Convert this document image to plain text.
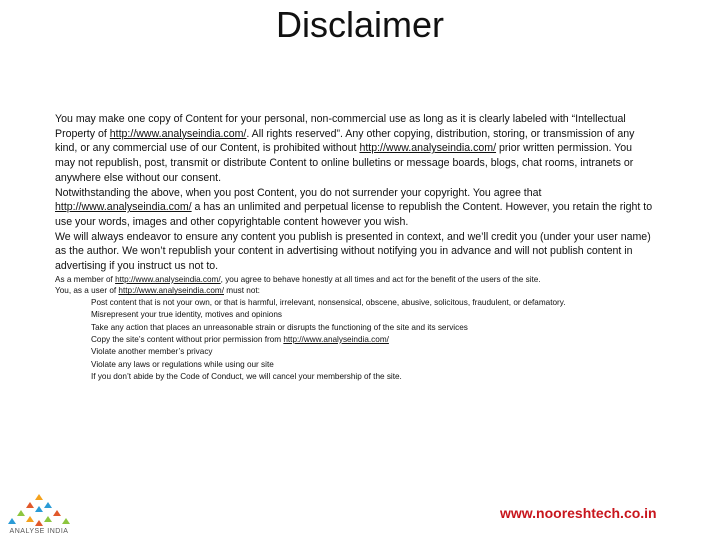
Disclaimer

You may make one copy of Content for your personal, non-commercial use as long as it is clearly labeled with “Intellectual Property of http://www.analyseindia.com/. All rights reserved”. Any other copying, distribution, storing, or transmission of any kind, or any commercial use of our Content, is prohibited without http://www.analyseindia.com/ prior written permission. You may not republish, post, transmit or distribute Content to online bulletins or message boards, blogs, chat rooms, intranets or anywhere else without our consent.

Notwithstanding the above, when you post Content, you do not surrender your copyright. You agree that http://www.analyseindia.com/ a has an unlimited and perpetual license to republish the Content. However, you retain the right to use your words, images and other copyrightable content however you wish.

We will always endeavor to ensure any content you publish is presented in context, and we’ll credit you (under your user name) as the author. We won’t republish your content in advertising without notifying you in advance and will not publish content in advertising if you instruct us not to.

As a member of http://www.analyseindia.com/, you agree to behave honestly at all times and act for the benefit of the users of the site.

You, as a user of http://www.analyseindia.com/ must not:

Post content that is not your own, or that is harmful, irrelevant, nonsensical, obscene, abusive, solicitous, fraudulent, or defamatory.

Misrepresent your true identity, motives and opinions

Take any action that places an unreasonable strain or disrupts the functioning of the site and its services

Copy the site’s content without prior permission from http://www.analyseindia.com/

Violate another member’s privacy

Violate any laws or regulations while using our site

If you don’t abide by the Code of Conduct, we will cancel your membership of the site.

ANALYSE INDIA
www.nooreshtech.co.in
